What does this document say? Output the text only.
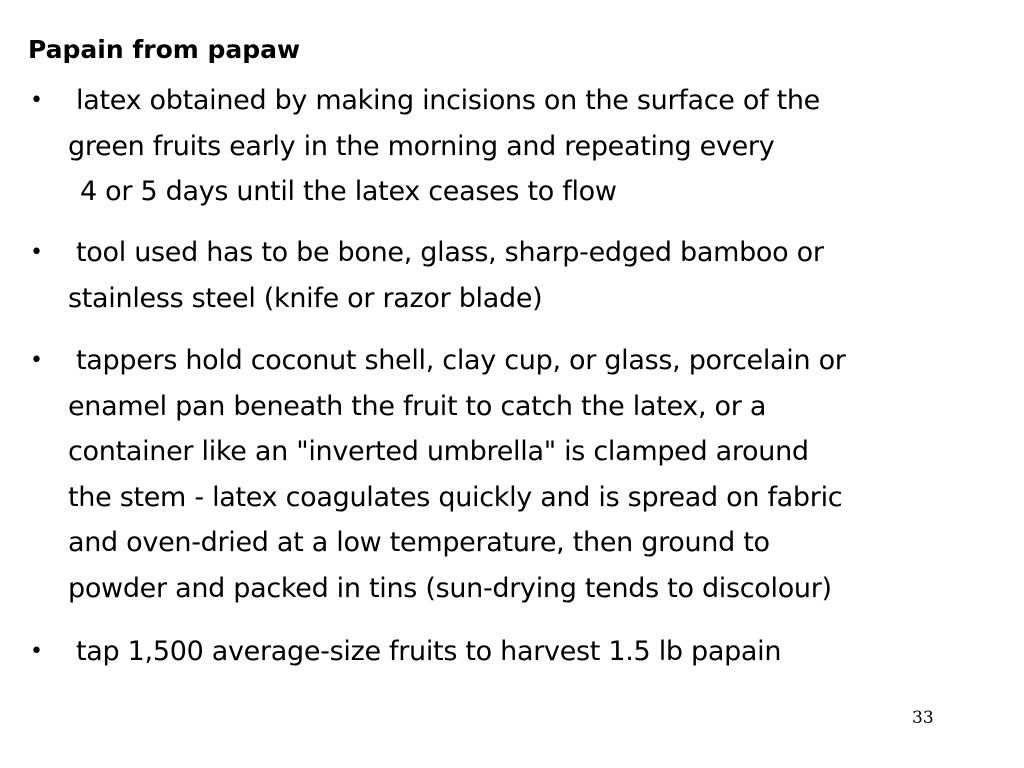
Papain from papaw
• latex obtained by making incisions on the surface of the
green fruits early in the morning and repeating every
4 or 5 days until the latex ceases to flow
• tool used has to be bone, glass, sharp-edged bamboo or
stainless steel (knife or razor blade)
• tappers hold coconut shell, clay cup, or glass, porcelain or
enamel pan beneath the fruit to catch the latex, or a
container like an "inverted umbrella" is clamped around
the stem - latex coagulates quickly and is spread on fabric
and oven-dried at a low temperature, then ground to
powder and packed in tins (sun-drying tends to discolour)
• tap 1,500 average-size fruits to harvest 1.5 lb papain
33
